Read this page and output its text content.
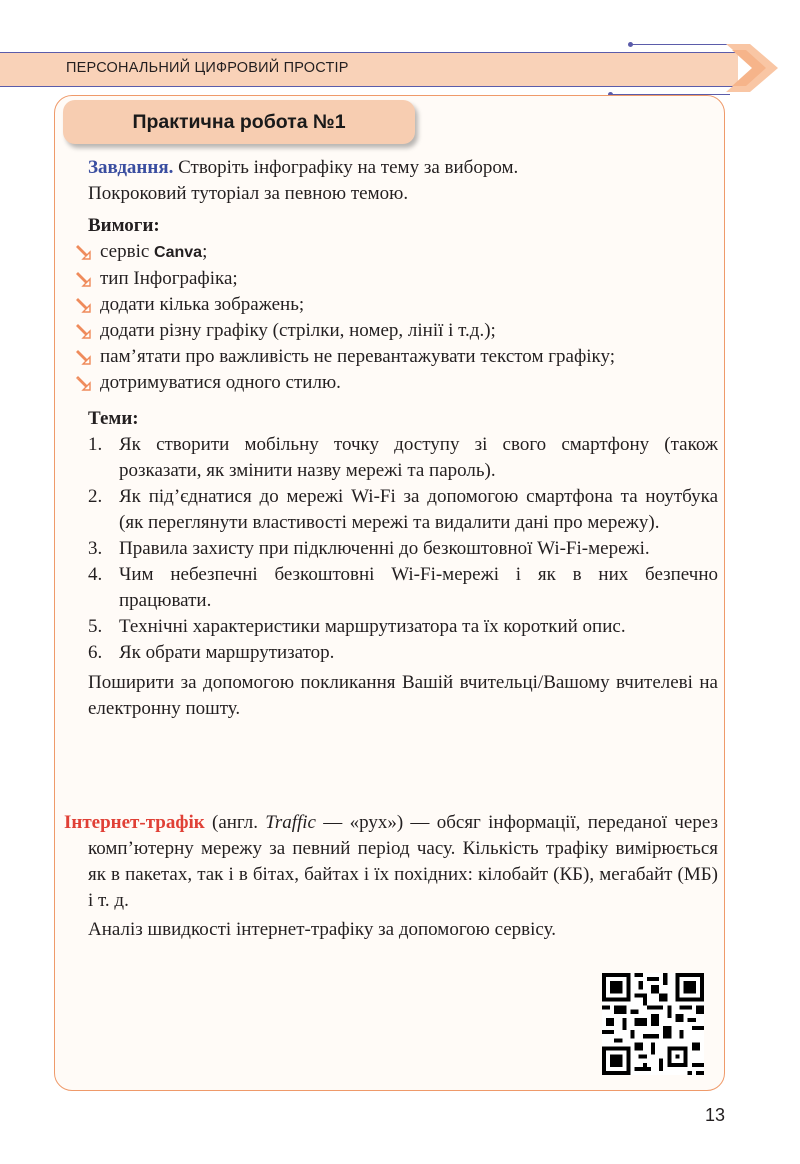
ПЕРСОНАЛЬНИЙ ЦИФРОВИЙ ПРОСТІР
Практична робота №1

Завдання. Створіть інфографіку на тему за вибором.

Покроковий туторіал за певною темою.

Вимоги:

сервіс Canva;
тип Інфографіка;
додати кілька зображень;
додати різну графіку (стрілки, номер, лінії і т.д.);
пам’ятати про важливість не перевантажувати текстом графіку;
дотримуватися одного стилю.

Теми:

1. Як створити мобільну точку доступу зі свого смартфону (також розказати, як змінити назву мережі та пароль).
2. Як під’єднатися до мережі Wi-Fi за допомогою смартфона та ноутбука (як переглянути властивості мережі та видалити дані про мережу).
3. Правила захисту при підключенні до безкоштовної Wi-Fi-мережі.
4. Чим небезпечні безкоштовні Wi-Fi-мережі і як в них безпечно працювати.
5. Технічні характеристики маршрутизатора та їх короткий опис.
6. Як обрати маршрутизатор.

Поширити за допомогою покликання Вашій вчительці/Вашому вчителеві на електронну пошту.

Інтернет-трафік (англ. Traffic — «рух») — обсяг інформації, переданої через комп’ютерну мережу за певний період часу. Кількість трафіку вимірюється як в пакетах, так і в бітах, байтах і їх похідних: кілобайт (КБ), мегабайт (МБ) і т. д.

Аналіз швидкості інтернет-трафіку за допомогою сервісу.

13
